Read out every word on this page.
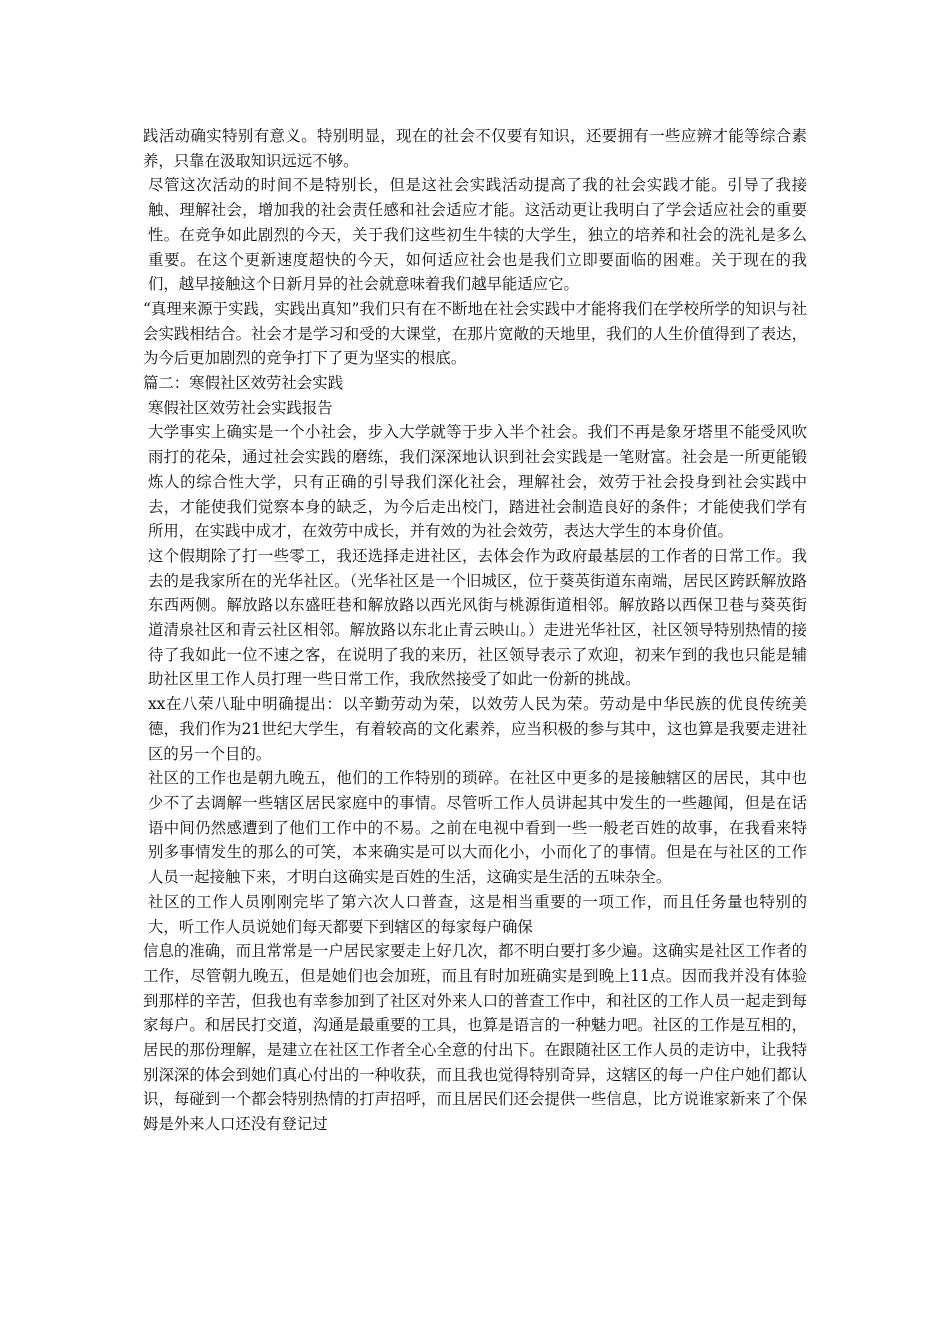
践活动确实特别有意义。特别明显，现在的社会不仅要有知识，还要拥有一些应辨才能等综合素养，只靠在汲取知识远远不够。

尽管这次活动的时间不是特别长，但是这社会实践活动提高了我的社会实践才能。引导了我接触、理解社会，增加我的社会责任感和社会适应才能。这活动更让我明白了学会适应社会的重要性。在竞争如此剧烈的今天，关于我们这些初生牛犊的大学生，独立的培养和社会的洗礼是多么重要。在这个更新速度超快的今天，如何适应社会也是我们立即要面临的困难。关于现在的我们，越早接触这个日新月异的社会就意味着我们越早能适应它。

“真理来源于实践，实践出真知”我们只有在不断地在社会实践中才能将我们在学校所学的知识与社会实践相结合。社会才是学习和受的大课堂，在那片宽敞的天地里，我们的人生价值得到了表达，为今后更加剧烈的竞争打下了更为坚实的根底。

篇二：寒假社区效劳社会实践

寒假社区效劳社会实践报告

大学事实上确实是一个小社会，步入大学就等于步入半个社会。我们不再是象牙塔里不能受风吹雨打的花朵，通过社会实践的磨练，我们深深地认识到社会实践是一笔财富。社会是一所更能锻炼人的综合性大学，只有正确的引导我们深化社会，理解社会，效劳于社会投身到社会实践中去，才能使我们觉察本身的缺乏，为今后走出校门，踏进社会制造良好的条件；才能使我们学有所用，在实践中成才，在效劳中成长，并有效的为社会效劳，表达大学生的本身价值。

这个假期除了打一些零工，我还选择走进社区，去体会作为政府最基层的工作者的日常工作。我去的是我家所在的光华社区。（光华社区是一个旧城区，位于葵英街道东南端，居民区跨跃解放路东西两侧。解放路以东盛旺巷和解放路以西光风街与桃源街道相邻。解放路以西保卫巷与葵英街道清泉社区和青云社区相邻。解放路以东北止青云映山。）走进光华社区，社区领导特别热情的接待了我如此一位不速之客，在说明了我的来历，社区领导表示了欢迎，初来乍到的我也只能是辅助社区里工作人员打理一些日常工作，我欣然接受了如此一份新的挑战。

xx在八荣八耻中明确提出：以辛勤劳动为荣，以效劳人民为荣。劳动是中华民族的优良传统美德，我们作为21世纪大学生，有着较高的文化素养，应当积极的参与其中，这也算是我要走进社区的另一个目的。

社区的工作也是朝九晚五，他们的工作特别的琐碎。在社区中更多的是接触辖区的居民，其中也少不了去调解一些辖区居民家庭中的事情。尽管听工作人员讲起其中发生的一些趣闻，但是在话语中间仍然感遭到了他们工作中的不易。之前在电视中看到一些一般老百姓的故事，在我看来特别多事情发生的那么的可笑，本来确实是可以大而化小，小而化了的事情。但是在与社区的工作人员一起接触下来，才明白这确实是百姓的生活，这确实是生活的五味杂全。

社区的工作人员刚刚完毕了第六次人口普查，这是相当重要的一项工作，而且任务量也特别的大，听工作人员说她们每天都要下到辖区的每家每户确保

信息的准确，而且常常是一户居民家要走上好几次，都不明白要打多少遍。这确实是社区工作者的工作，尽管朝九晚五，但是她们也会加班，而且有时加班确实是到晚上11点。因而我并没有体验到那样的辛苦，但我也有幸参加到了社区对外来人口的普查工作中，和社区的工作人员一起走到每家每户。和居民打交道，沟通是最重要的工具，也算是语言的一种魅力吧。社区的工作是互相的，居民的那份理解，是建立在社区工作者全心全意的付出下。在跟随社区工作人员的走访中，让我特别深深的体会到她们真心付出的一种收获，而且我也觉得特别奇异，这辖区的每一户住户她们都认识，每碰到一个都会特别热情的打声招呼，而且居民们还会提供一些信息，比方说谁家新来了个保姆是外来人口还没有登记过
